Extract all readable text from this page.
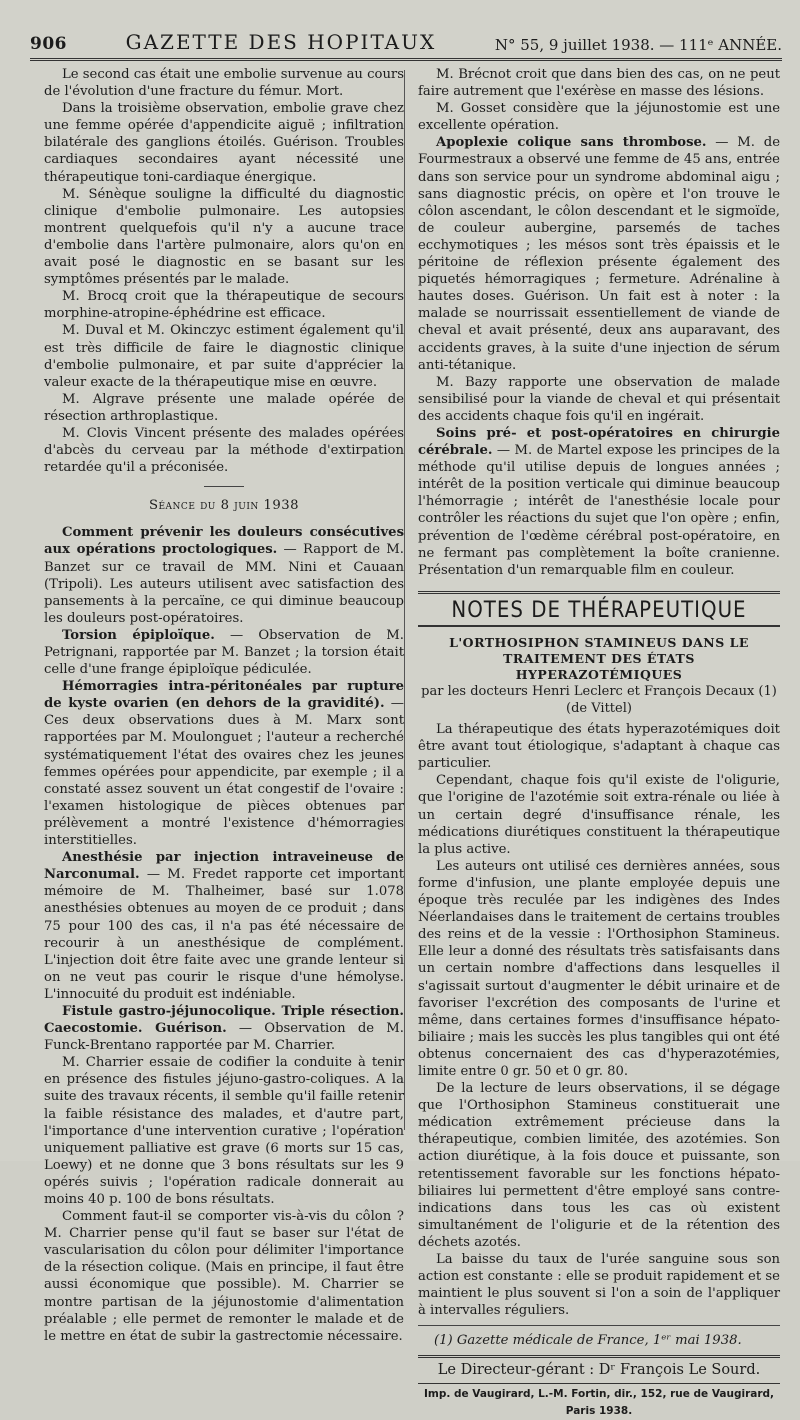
906	GAZETTE DES HOPITAUX	N° 55, 9 juillet 1938. — 111ᵉ ANNÉE.

Le second cas était une embolie survenue au cours de l'évolution d'une fracture du fémur. Mort.

Dans la troisième observation, embolie grave chez une femme opérée d'appendicite aiguë ; infiltration bilatérale des ganglions étoilés. Guérison. Troubles cardiaques secondaires ayant nécessité une thérapeutique toni-cardiaque énergique.

M. Sénèque souligne la difficulté du diagnostic clinique d'embolie pulmonaire. Les autopsies montrent quelquefois qu'il n'y a aucune trace d'embolie dans l'artère pulmonaire, alors qu'on en avait posé le diagnostic en se basant sur les symptômes présentés par le malade.

M. Brocq croit que la thérapeutique de secours morphine-atropine-éphédrine est efficace.

M. Duval et M. Okinczyc estiment également qu'il est très difficile de faire le diagnostic clinique d'embolie pulmonaire, et par suite d'apprécier la valeur exacte de la thérapeutique mise en œuvre.

M. Algrave présente une malade opérée de résection arthroplastique.

M. Clovis Vincent présente des malades opérées d'abcès du cerveau par la méthode d'extirpation retardée qu'il a préconisée.

Séance du 8 juin 1938

Comment prévenir les douleurs consécutives aux opérations proctologiques. — Rapport de M. Banzet sur ce travail de MM. Nini et Cauaan (Tripoli). Les auteurs utilisent avec satisfaction des pansements à la percaïne, ce qui diminue beaucoup les douleurs post-opératoires.

Torsion épiploïque. — Observation de M. Petrignani, rapportée par M. Banzet ; la torsion était celle d'une frange épiploïque pédiculée.

Hémorragies intra-péritonéales par rupture de kyste ovarien (en dehors de la gravidité). — Ces deux observations dues à M. Marx sont rapportées par M. Moulonguet ; l'auteur a recherché systématiquement l'état des ovaires chez les jeunes femmes opérées pour appendicite, par exemple ; il a constaté assez souvent un état congestif de l'ovaire : l'examen histologique de pièces obtenues par prélèvement a montré l'existence d'hémorragies interstitielles.

Anesthésie par injection intraveineuse de Narconumal. — M. Fredet rapporte cet important mémoire de M. Thalheimer, basé sur 1.078 anesthésies obtenues au moyen de ce produit ; dans 75 pour 100 des cas, il n'a pas été nécessaire de recourir à un anesthésique de complément. L'injection doit être faite avec une grande lenteur si on ne veut pas courir le risque d'une hémolyse. L'innocuité du produit est indéniable.

Fistule gastro-jéjunocolique. Triple résection. Caecostomie. Guérison. — Observation de M. Funck-Brentano rapportée par M. Charrier.

M. Charrier essaie de codifier la conduite à tenir en présence des fistules jéjuno-gastro-coliques. A la suite des travaux récents, il semble qu'il faille retenir la faible résistance des malades, et d'autre part, l'importance d'une intervention curative ; l'opération uniquement palliative est grave (6 morts sur 15 cas, Loewy) et ne donne que 3 bons résultats sur les 9 opérés suivis ; l'opération radicale donnerait au moins 40 p. 100 de bons résultats.

Comment faut-il se comporter vis-à-vis du côlon ? M. Charrier pense qu'il faut se baser sur l'état de vascularisation du côlon pour délimiter l'importance de la résection colique. (Mais en principe, il faut être aussi économique que possible). M. Charrier se montre partisan de la jéjunostomie d'alimentation préalable ; elle permet de remonter le malade et de le mettre en état de subir la gastrectomie nécessaire.

M. Brécnot croit que dans bien des cas, on ne peut faire autrement que l'exérèse en masse des lésions.

M. Gosset considère que la jéjunostomie est une excellente opération.

Apoplexie colique sans thrombose. — M. de Fourmestraux a observé une femme de 45 ans, entrée dans son service pour un syndrome abdominal aigu ; sans diagnostic précis, on opère et l'on trouve le côlon ascendant, le côlon descendant et le sigmoïde, de couleur aubergine, parsemés de taches ecchymotiques ; les mésos sont très épaissis et le péritoine de réflexion présente également des piquetés hémorragiques ; fermeture. Adrénaline à hautes doses. Guérison. Un fait est à noter : la malade se nourrissait essentiellement de viande de cheval et avait présenté, deux ans auparavant, des accidents graves, à la suite d'une injection de sérum anti-tétanique.

M. Bazy rapporte une observation de malade sensibilisé pour la viande de cheval et qui présentait des accidents chaque fois qu'il en ingérait.

Soins pré- et post-opératoires en chirurgie cérébrale. — M. de Martel expose les principes de la méthode qu'il utilise depuis de longues années ; intérêt de la position verticale qui diminue beaucoup l'hémorragie ; intérêt de l'anesthésie locale pour contrôler les réactions du sujet que l'on opère ; enfin, prévention de l'œdème cérébral post-opératoire, en ne fermant pas complètement la boîte cranienne. Présentation d'un remarquable film en couleur.

NOTES DE THÉRAPEUTIQUE
L'ORTHOSIPHON STAMINEUS DANS LE TRAITEMENT DES ÉTATS HYPERAZOTÉMIQUES
par les docteurs Henri Leclerc et François Decaux (1)
(de Vittel)

La thérapeutique des états hyperazotémiques doit être avant tout étiologique, s'adaptant à chaque cas particulier.

Cependant, chaque fois qu'il existe de l'oligurie, que l'origine de l'azotémie soit extra-rénale ou liée à un certain degré d'insuffisance rénale, les médications diurétiques constituent la thérapeutique la plus active.

Les auteurs ont utilisé ces dernières années, sous forme d'infusion, une plante employée depuis une époque très reculée par les indigènes des Indes Néerlandaises dans le traitement de certains troubles des reins et de la vessie : l'Orthosiphon Stamineus. Elle leur a donné des résultats très satisfaisants dans un certain nombre d'affections dans lesquelles il s'agissait surtout d'augmenter le débit urinaire et de favoriser l'excrétion des composants de l'urine et même, dans certaines formes d'insuffisance hépato-biliaire ; mais les succès les plus tangibles qui ont été obtenus concernaient des cas d'hyperazotémies, limite entre 0 gr. 50 et 0 gr. 80.

De la lecture de leurs observations, il se dégage que l'Orthosiphon Stamineus constituerait une médication extrêmement précieuse dans la thérapeutique, combien limitée, des azotémies. Son action diurétique, à la fois douce et puissante, son retentissement favorable sur les fonctions hépato-biliaires lui permettent d'être employé sans contre-indications dans tous les cas où existent simultanément de l'oligurie et de la rétention des déchets azotés.

La baisse du taux de l'urée sanguine sous son action est constante : elle se produit rapidement et se maintient le plus souvent si l'on a soin de l'appliquer à intervalles réguliers.

(1) Gazette médicale de France, 1ᵉʳ mai 1938.

Le Directeur-gérant : Dʳ François Le Sourd.
Imp. de Vaugirard, L.-M. Fortin, dir., 152, rue de Vaugirard, Paris 1938.
